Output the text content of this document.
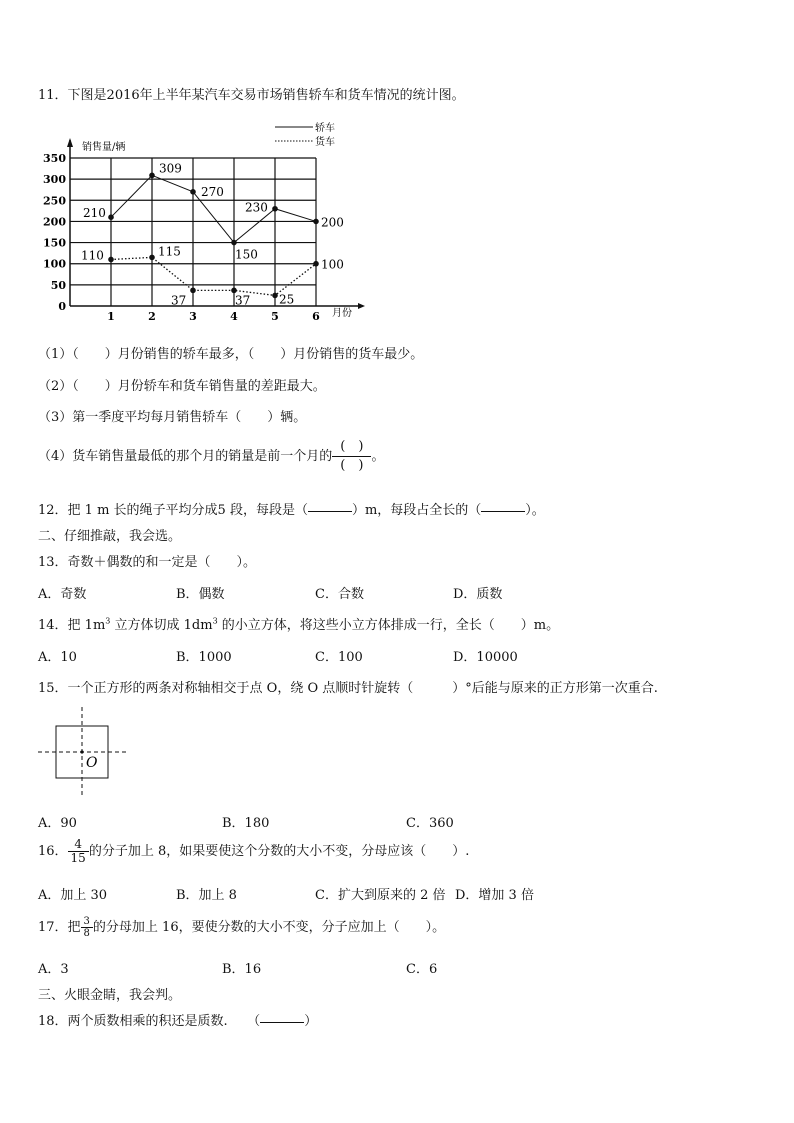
11．下图是2016年上半年某汽车交易市场销售轿车和货车情况的统计图。
0
50
100
150
200
250
300
350
1	2	3	4	5	6
210
309
270
150
230
200
110	115
37	37 25
100
销售量/辆
月份
轿车
货车
（1）（　　）月份销售的轿车最多，（　　）月份销售的货车最少。
（2）（　　）月份轿车和货车销售量的差距最大。
（3）第一季度平均每月销售轿车（　　）辆。
（4）货车销售量最低的那个月的销量是前一个月的 $\frac{( )}{( )}$ 。
12．把 1 m 长的绳子平均分成5 段，每段是（	）m，每段占全长的（	）。
二、仔细推敲，我会选。
13．奇数＋偶数的和一定是（　　）。
A．奇数	B．偶数	C．合数	D．质数
14．把 $1m^3$ 立方体切成 $1dm^3$ 的小立方体，将这些小立方体排成一行，全长（　　）m。
A．10	B．1000	C．100	D．10000
15．一个正方形的两条对称轴相交于点 O，绕 O 点顺时针旋转（　　　）°后能与原来的正方形第一次重合.
O
A．90	B．180	C．360
16． $\frac{4}{15}$ 的分子加上 8，如果要使这个分数的大小不变，分母应该（　　）.
A．加上 30	B．加上 8	C．扩大到原来的 2 倍 D．增加 3 倍
17．把 $\frac{3}{8}$ 的分母加上 16，要使分数的大小不变，分子应加上（　　）。
A．3	B．16	C．6
三、火眼金睛，我会判。
18．两个质数相乘的积还是质数.　　（	）
